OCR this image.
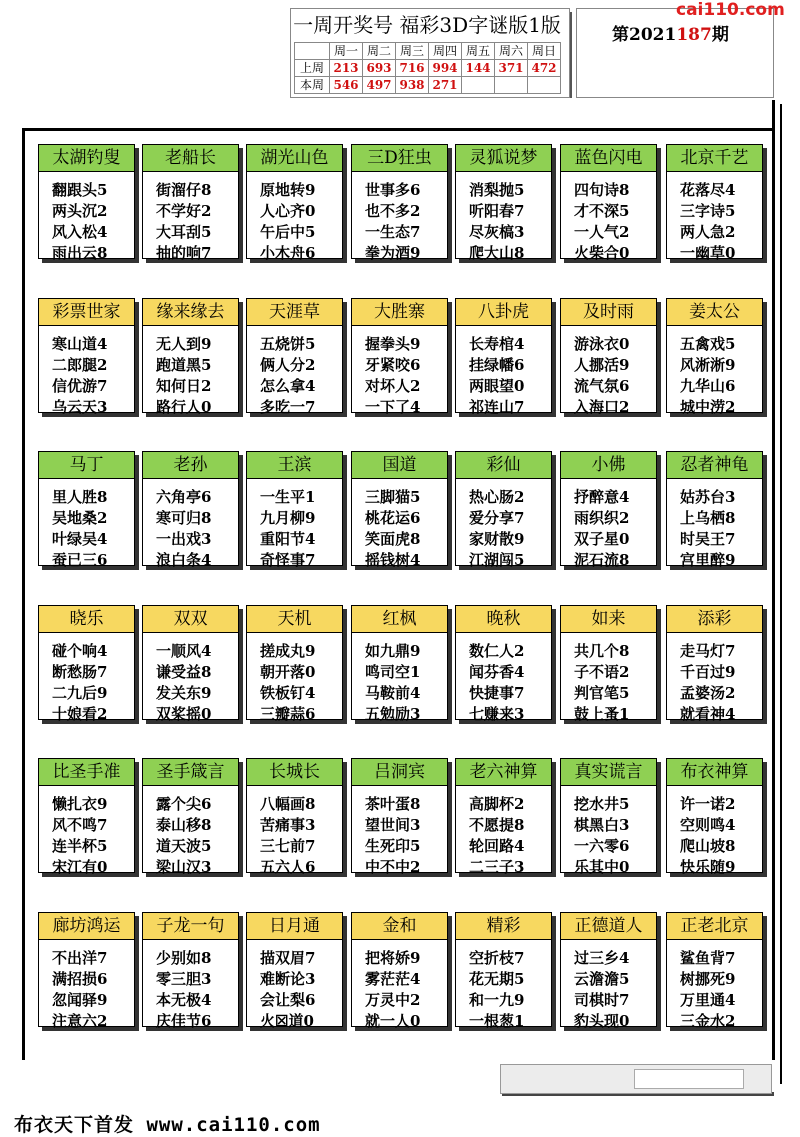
一周开奖号 福彩3D字谜版1版
	周一	周二	周三	周四	周五	周六	周日
上周	213	693	716	994	144	371	472
本周	546	497	938	271			
第2021187期
cai110.com
太湖钓叟
翻跟头5
两头沉2
风入松4
雨出云8
老船长
街溜仔8
不学好2
大耳刮5
抽的响7
湖光山色
原地转9
人心齐0
午后中5
小木舟6
三D狂虫
世事多6
也不多2
一生态7
拳为酒9
灵狐说梦
消梨抛5
听阳春7
尽灰槁3
爬大山8
蓝色闪电
四句诗8
才不深5
一人气2
火柴合0
北京千艺
花落尽4
三字诗5
两人急2
一幽草0
彩票世家
寒山道4
二郎腿2
信优游7
乌云天3
缘来缘去
无人到9
跑道黑5
知何日2
路行人0
天涯草
五烧饼5
俩人分2
怎么拿4
多吃一7
大胜寨
握拳头9
牙紧咬6
对坏人2
一下了4
八卦虎
长寿棺4
挂绿幡6
两眼望0
祁连山7
及时雨
游泳衣0
人挪活9
流气氛6
入海口2
姜太公
五禽戏5
风淅淅9
九华山6
城中涝2
马丁
里人胜8
吴地桑2
叶绿吴4
蚕已三6
老孙
六角亭6
寒可归8
一出戏3
浪白条4
王滨
一生平1
九月柳9
重阳节4
奇怪事7
国道
三脚猫5
桃花运6
笑面虎8
摇钱树4
彩仙
热心肠2
爱分享7
家财散9
江湖闯5
小佛
抒醉意4
雨织织2
双子星0
泥石流8
忍者神龟
姑苏台3
上乌栖8
时吴王7
宫里醉9
晓乐
碰个响4
断愁肠7
二九后9
十娘看2
双双
一顺风4
谦受益8
发关东9
双桨摇0
天机
搓成丸9
朝开落0
铁板钉4
三瓣蒜6
红枫
如九鼎9
鸣司空1
马鞍前4
五勉励3
晚秋
数仁人2
闻芬香4
快捷事7
七赚来3
如来
共几个8
子不语2
判官笔5
鼓上蚤1
添彩
走马灯7
千百过9
孟婆汤2
就看神4
比圣手准
懒扎衣9
风不鸣7
连半杯5
宋江有0
圣手箴言
露个尖6
泰山移8
道天波5
梁山汉3
长城长
八幅画8
苦痛事3
三七前7
五六人6
吕洞宾
茶叶蛋8
望世间3
生死印5
中不中2
老六神算
高脚杯2
不愿提8
轮回路4
二三子3
真实谎言
挖水井5
棋黑白3
一六零6
乐其中0
布衣神算
许一诺2
空则鸣4
爬山坡8
快乐随9
廊坊鸿运
不出洋7
满招损6
忽闻驿9
注意六2
子龙一句
少别如8
零三胆3
本无极4
庆佳节6
日月通
描双眉7
难断论3
会让梨6
火☒道0
金和
把将娇9
雾茫茫4
万灵中2
就一人0
精彩
空折枝7
花无期5
和一九9
一根葱1
正德道人
过三乡4
云澹澹5
司棋时7
豹头现0
正老北京
鲨鱼背7
树挪死9
万里通4
三金水2
布衣天下首发 www.cai110.com
